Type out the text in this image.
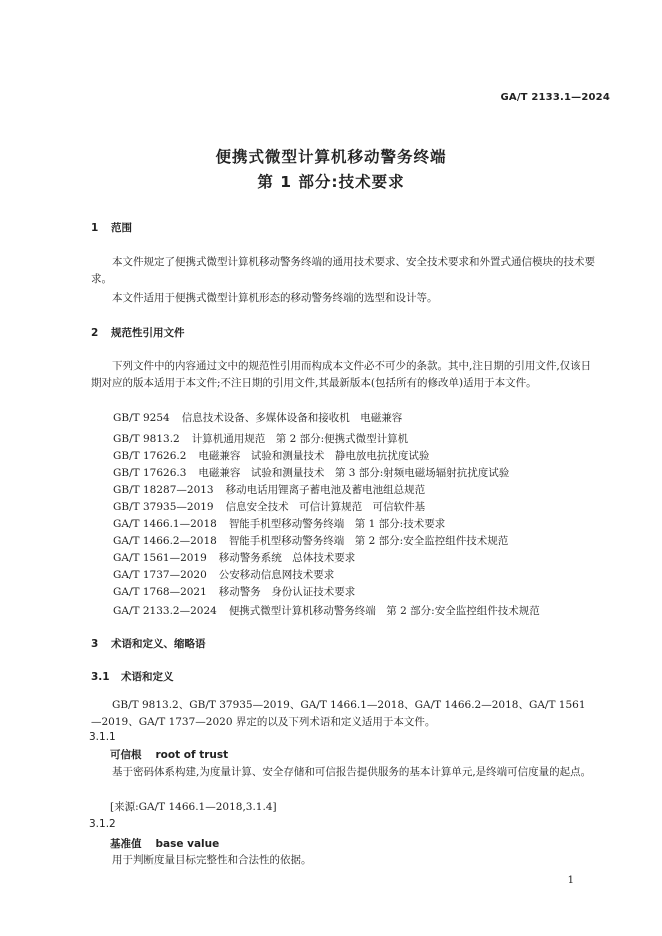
GA/T 2133.1—2024
便携式微型计算机移动警务终端
第 1 部分:技术要求
1 范围
本文件规定了便携式微型计算机移动警务终端的通用技术要求、安全技术要求和外置式通信模块的技术要求。
本文件适用于便携式微型计算机形态的移动警务终端的选型和设计等。
2 规范性引用文件
下列文件中的内容通过文中的规范性引用而构成本文件必不可少的条款。其中,注日期的引用文件,仅该日期对应的版本适用于本文件;不注日期的引用文件,其最新版本(包括所有的修改单)适用于本文件。
GB/T 9254 信息技术设备、多媒体设备和接收机　电磁兼容
GB/T 9813.2 计算机通用规范　第 2 部分:便携式微型计算机
GB/T 17626.2 电磁兼容　试验和测量技术　静电放电抗扰度试验
GB/T 17626.3 电磁兼容　试验和测量技术　第 3 部分:射频电磁场辐射抗扰度试验
GB/T 18287—2013 移动电话用锂离子蓄电池及蓄电池组总规范
GB/T 37935—2019 信息安全技术　可信计算规范　可信软件基
GA/T 1466.1—2018 智能手机型移动警务终端　第 1 部分:技术要求
GA/T 1466.2—2018 智能手机型移动警务终端　第 2 部分:安全监控组件技术规范
GA/T 1561—2019 移动警务系统　总体技术要求
GA/T 1737—2020 公安移动信息网技术要求
GA/T 1768—2021 移动警务　身份认证技术要求
GA/T 2133.2—2024 便携式微型计算机移动警务终端　第 2 部分:安全监控组件技术规范
3 术语和定义、缩略语
3.1 术语和定义
GB/T 9813.2、GB/T 37935—2019、GA/T 1466.1—2018、GA/T 1466.2—2018、GA/T 1561—2019、GA/T 1737—2020 界定的以及下列术语和定义适用于本文件。
3.1.1
可信根 root of trust
基于密码体系构建,为度量计算、安全存储和可信报告提供服务的基本计算单元,是终端可信度量的起点。
[来源:GA/T 1466.1—2018,3.1.4]
3.1.2
基准值 base value
用于判断度量目标完整性和合法性的依据。
1
